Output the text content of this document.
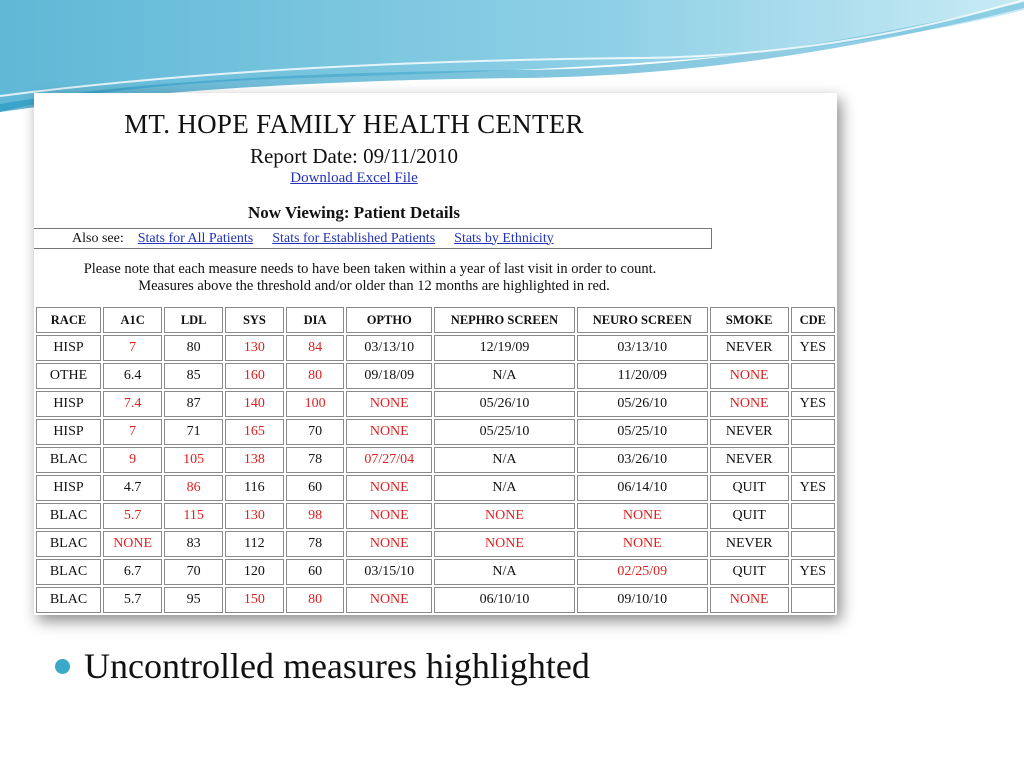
MT. HOPE FAMILY HEALTH CENTER
Report Date: 09/11/2010
Download Excel File
Now Viewing: Patient Details
Also see: Stats for All Patients Stats for Established Patients Stats by Ethnicity
Please note that each measure needs to have been taken within a year of last visit in order to count.
Measures above the threshold and/or older than 12 months are highlighted in red.
RACE	A1C	LDL	SYS	DIA	OPTHO	NEPHRO SCREEN	NEURO SCREEN	SMOKE	CDE
HISP	7	80	130	84	03/13/10	12/19/09	03/13/10	NEVER	YES
OTHE	6.4	85	160	80	09/18/09	N/A	11/20/09	NONE	
HISP	7.4	87	140	100	NONE	05/26/10	05/26/10	NONE	YES
HISP	7	71	165	70	NONE	05/25/10	05/25/10	NEVER	
BLAC	9	105	138	78	07/27/04	N/A	03/26/10	NEVER	
HISP	4.7	86	116	60	NONE	N/A	06/14/10	QUIT	YES
BLAC	5.7	115	130	98	NONE	NONE	NONE	QUIT	
BLAC	NONE	83	112	78	NONE	NONE	NONE	NEVER	
BLAC	6.7	70	120	60	03/15/10	N/A	02/25/09	QUIT	YES
BLAC	5.7	95	150	80	NONE	06/10/10	09/10/10	NONE	
Uncontrolled measures highlighted
